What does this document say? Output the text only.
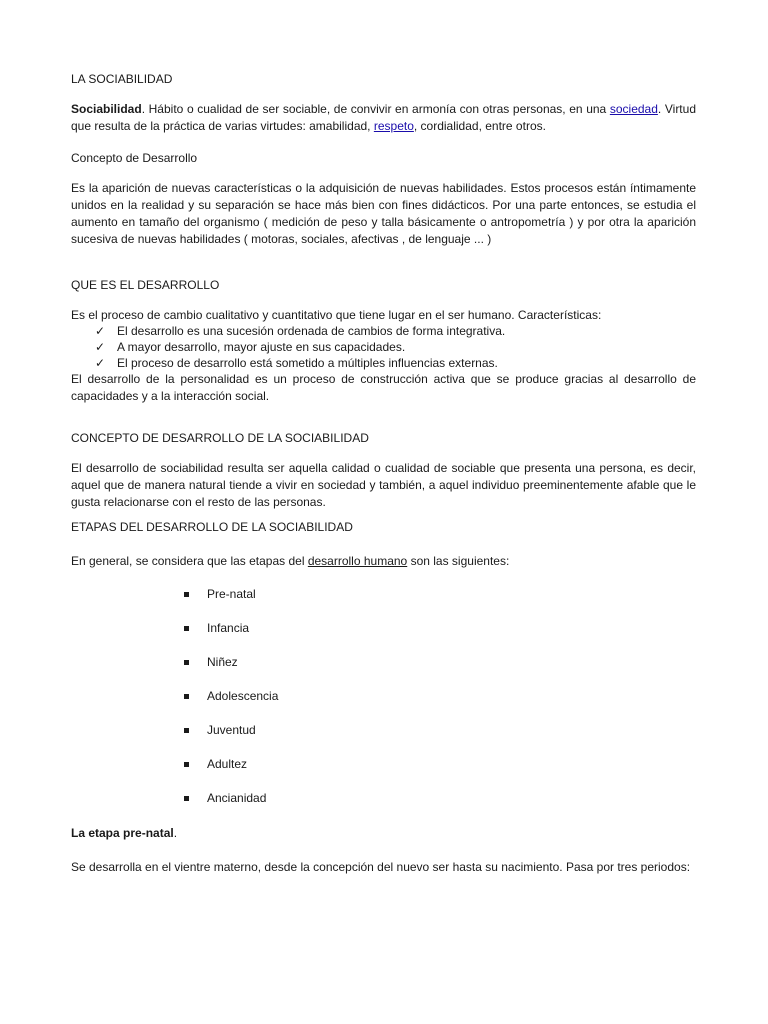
LA SOCIABILIDAD

Sociabilidad. Hábito o cualidad de ser sociable, de convivir en armonía con otras personas, en una sociedad. Virtud que resulta de la práctica de varias virtudes: amabilidad, respeto, cordialidad, entre otros.

Concepto de Desarrollo

Es la aparición de nuevas características o la adquisición de nuevas habilidades. Estos procesos están íntimamente unidos en la realidad y su separación se hace más bien con fines didácticos. Por una parte entonces, se estudia el aumento en tamaño del organismo ( medición de peso y talla básicamente o antropometría ) y por otra la aparición sucesiva de nuevas habilidades ( motoras, sociales, afectivas , de lenguaje ... )

QUE ES EL DESARROLLO

Es el proceso de cambio cualitativo y cuantitativo que tiene lugar en el ser humano. Características:

✓ El desarrollo es una sucesión ordenada de cambios de forma integrativa.
✓ A mayor desarrollo, mayor ajuste en sus capacidades.
✓ El proceso de desarrollo está sometido a múltiples influencias externas.

El desarrollo de la personalidad es un proceso de construcción activa que se produce gracias al desarrollo de capacidades y a la interacción social.

CONCEPTO DE DESARROLLO DE LA SOCIABILIDAD

El desarrollo de sociabilidad resulta ser aquella calidad o cualidad de sociable que presenta una persona, es decir, aquel que de manera natural tiende a vivir en sociedad y también, a aquel individuo preeminentemente afable que le gusta relacionarse con el resto de las personas.

ETAPAS DEL DESARROLLO DE LA SOCIABILIDAD

En general, se considera que las etapas del desarrollo humano son las siguientes:

Pre-natal
Infancia
Niñez
Adolescencia
Juventud
Adultez
Ancianidad

La etapa pre-natal.

Se desarrolla en el vientre materno, desde la concepción del nuevo ser hasta su nacimiento. Pasa por tres periodos:
